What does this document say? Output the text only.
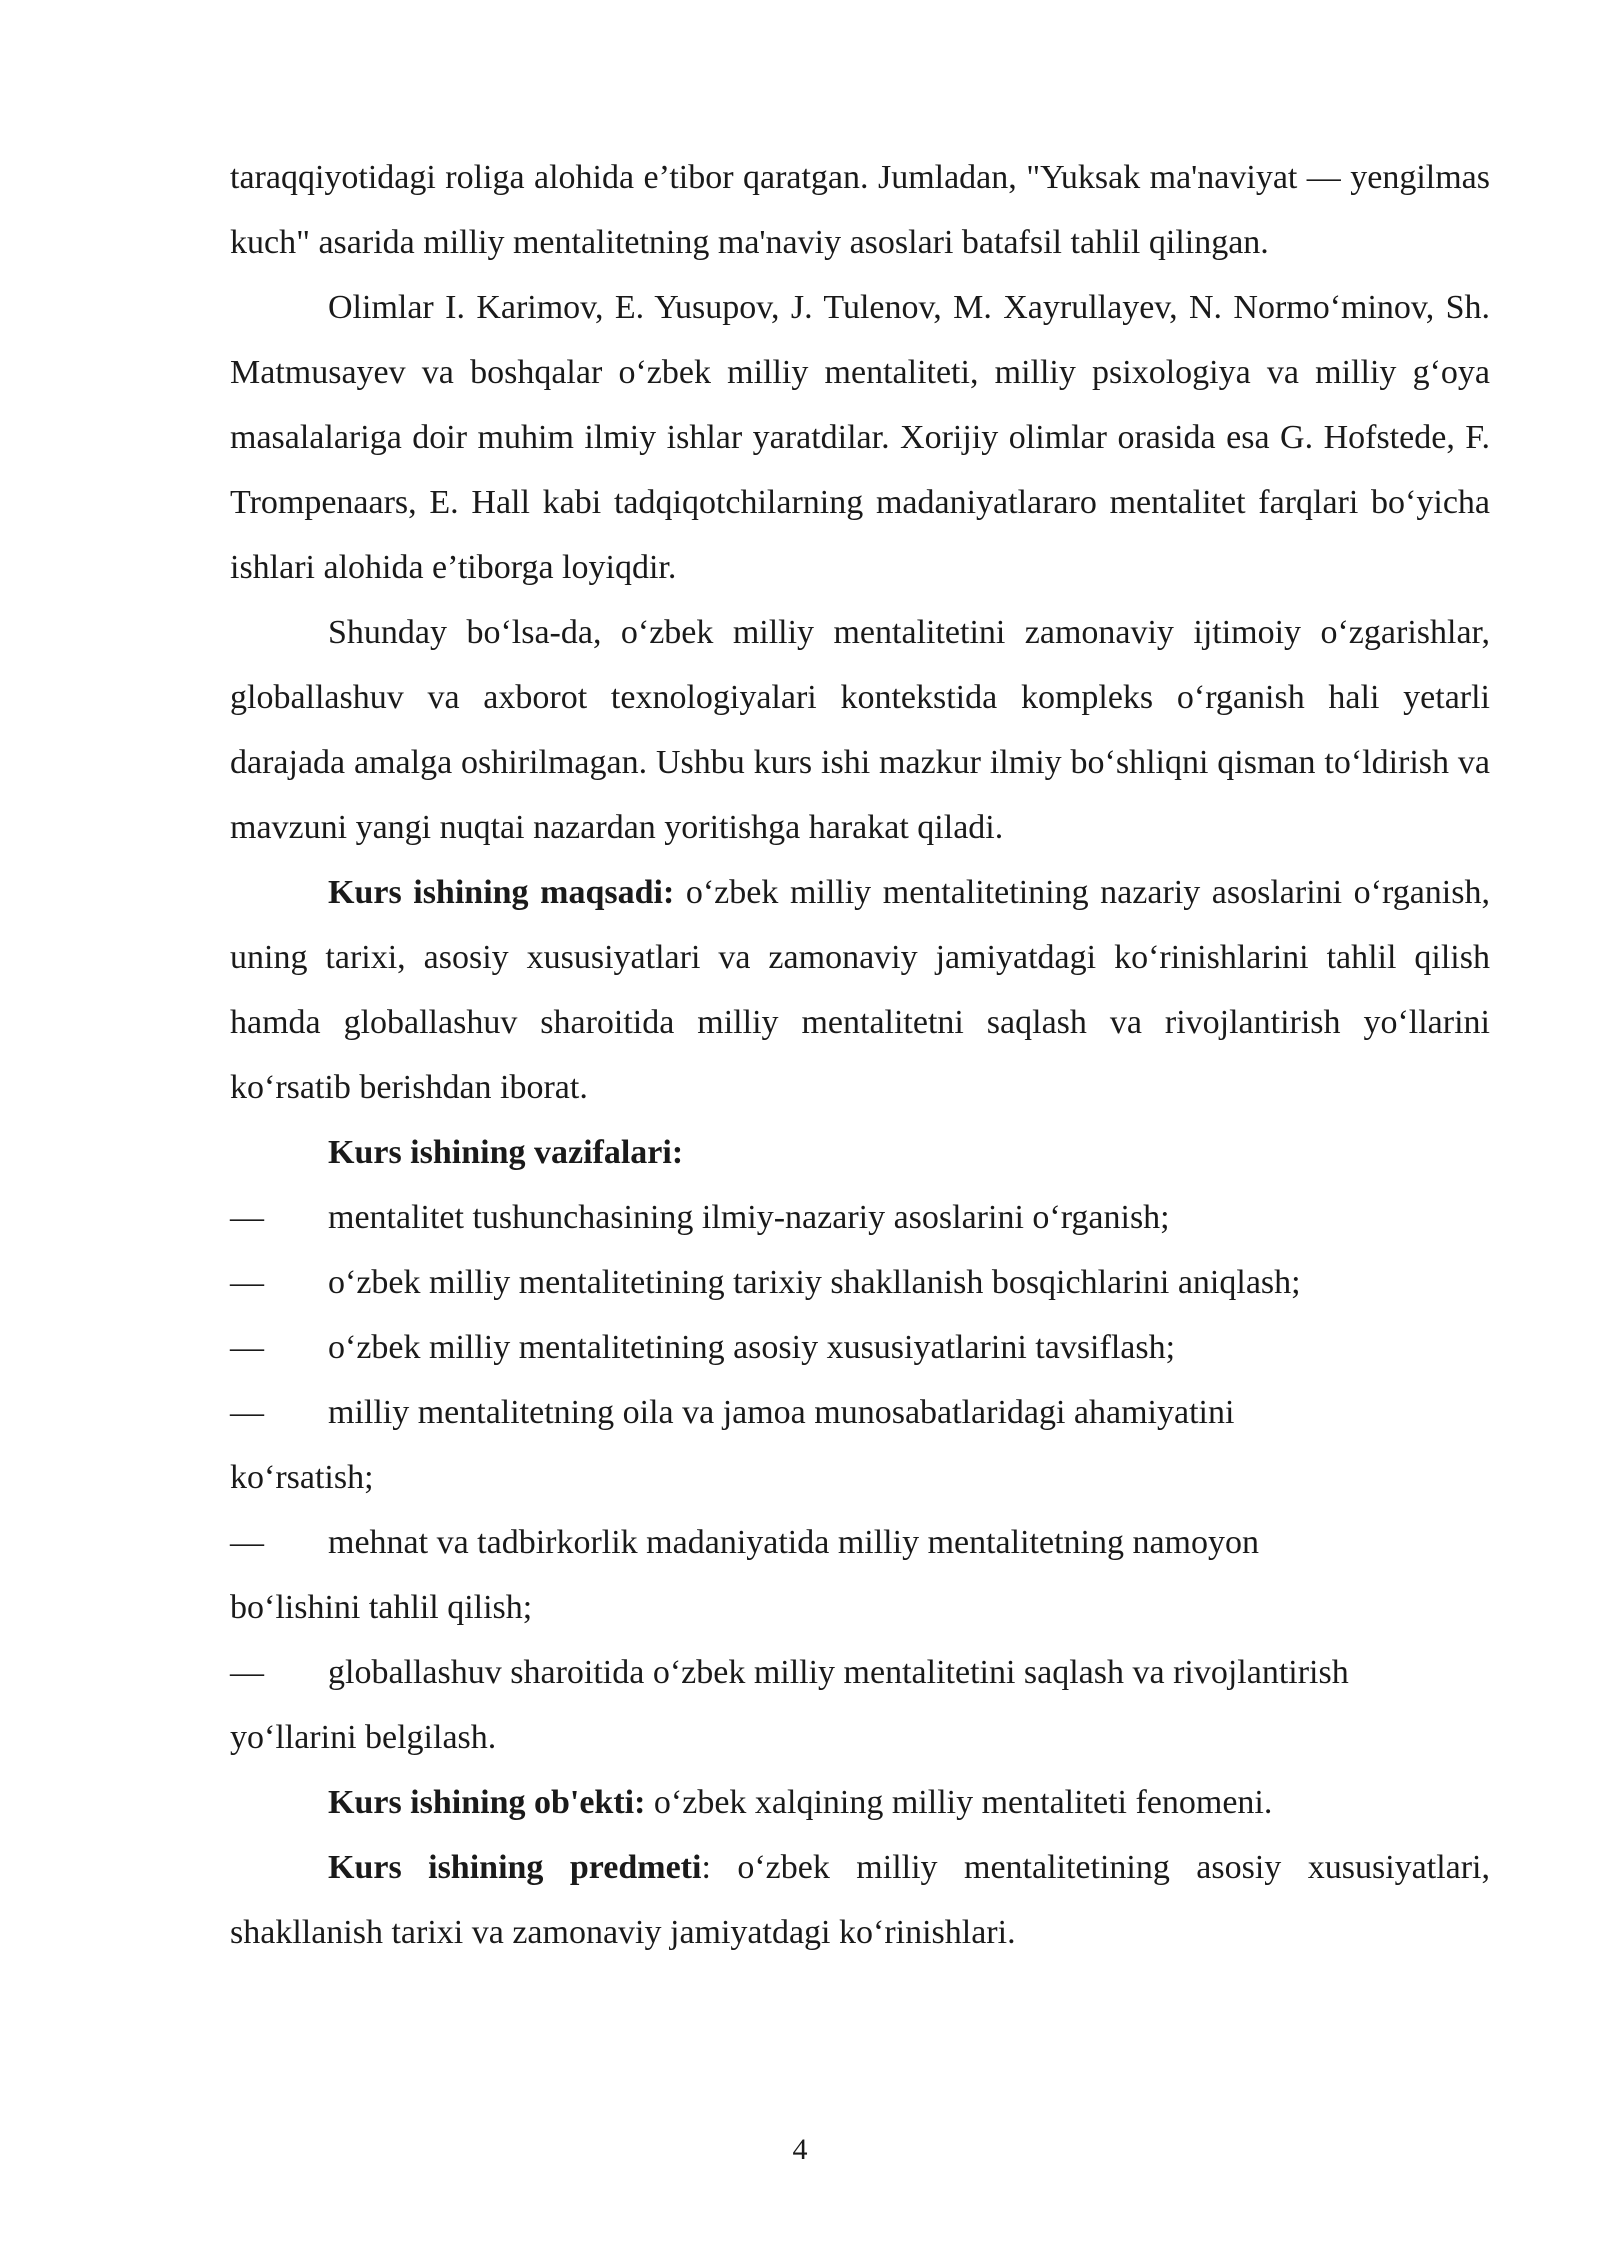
taraqqiyotidagi roliga alohida e’tibor qaratgan. Jumladan, "Yuksak ma'naviyat — yengilmas kuch" asarida milliy mentalitetning ma'naviy asoslari batafsil tahlil qilingan.

Olimlar I. Karimov, E. Yusupov, J. Tulenov, M. Xayrullayev, N. Normo‘minov, Sh. Matmusayev va boshqalar o‘zbek milliy mentaliteti, milliy psixologiya va milliy g‘oya masalalariga doir muhim ilmiy ishlar yaratdilar. Xorijiy olimlar orasida esa G. Hofstede, F. Trompenaars, E. Hall kabi tadqiqotchilarning madaniyatlararo mentalitet farqlari bo‘yicha ishlari alohida e’tiborga loyiqdir.

Shunday bo‘lsa-da, o‘zbek milliy mentalitetini zamonaviy ijtimoiy o‘zgarishlar, globallashuv va axborot texnologiyalari kontekstida kompleks o‘rganish hali yetarli darajada amalga oshirilmagan. Ushbu kurs ishi mazkur ilmiy bo‘shliqni qisman to‘ldirish va mavzuni yangi nuqtai nazardan yoritishga harakat qiladi.

Kurs ishining maqsadi: o‘zbek milliy mentalitetining nazariy asoslarini o‘rganish, uning tarixi, asosiy xususiyatlari va zamonaviy jamiyatdagi ko‘rinishlarini tahlil qilish hamda globallashuv sharoitida milliy mentalitetni saqlash va rivojlantirish yo‘llarini ko‘rsatib berishdan iborat.

Kurs ishining vazifalari:

—	mentalitet tushunchasining ilmiy-nazariy asoslarini o‘rganish;
—	o‘zbek milliy mentalitetining tarixiy shakllanish bosqichlarini aniqlash;
—	o‘zbek milliy mentalitetining asosiy xususiyatlarini tavsiflash;
—	milliy mentalitetning oila va jamoa munosabatlaridagi ahamiyatini
ko‘rsatish;
—	mehnat va tadbirkorlik madaniyatida milliy mentalitetning namoyon
bo‘lishini tahlil qilish;
—	globallashuv sharoitida o‘zbek milliy mentalitetini saqlash va rivojlantirish
yo‘llarini belgilash.

Kurs ishining ob'ekti: o‘zbek xalqining milliy mentaliteti fenomeni.

Kurs ishining predmeti: o‘zbek milliy mentalitetining asosiy xususiyatlari, shakllanish tarixi va zamonaviy jamiyatdagi ko‘rinishlari.

4
